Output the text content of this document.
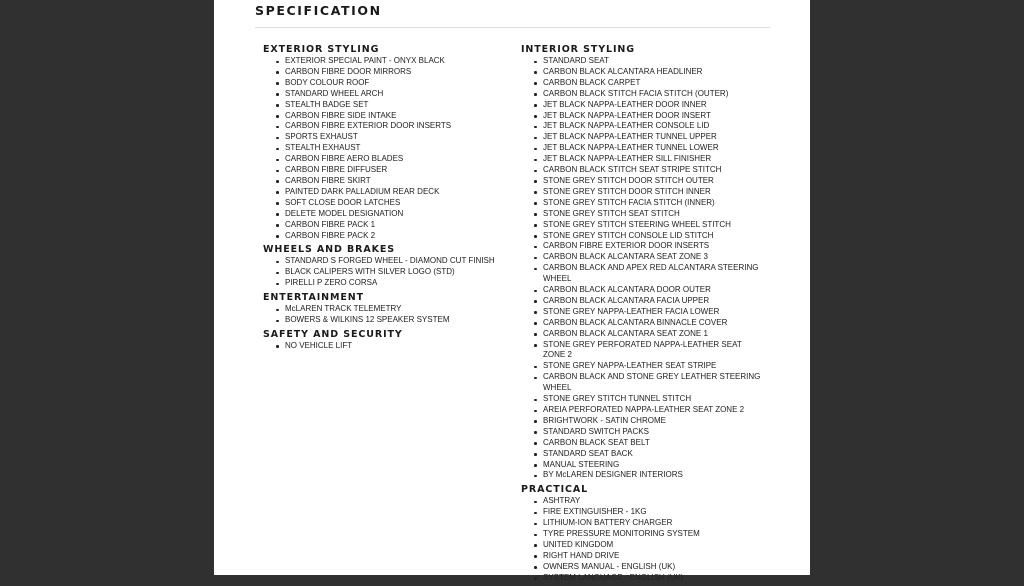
SPECIFICATION
EXTERIOR STYLING
EXTERIOR SPECIAL PAINT - ONYX BLACK
CARBON FIBRE DOOR MIRRORS
BODY COLOUR ROOF
STANDARD WHEEL ARCH
STEALTH BADGE SET
CARBON FIBRE SIDE INTAKE
CARBON FIBRE EXTERIOR DOOR INSERTS
SPORTS EXHAUST
STEALTH EXHAUST
CARBON FIBRE AERO BLADES
CARBON FIBRE DIFFUSER
CARBON FIBRE SKIRT
PAINTED DARK PALLADIUM REAR DECK
SOFT CLOSE DOOR LATCHES
DELETE MODEL DESIGNATION
CARBON FIBRE PACK 1
CARBON FIBRE PACK 2
WHEELS AND BRAKES
STANDARD S FORGED WHEEL - DIAMOND CUT FINISH
BLACK CALIPERS WITH SILVER LOGO (STD)
PIRELLI P ZERO CORSA
ENTERTAINMENT
McLAREN TRACK TELEMETRY
BOWERS & WILKINS 12 SPEAKER SYSTEM
SAFETY AND SECURITY
NO VEHICLE LIFT
INTERIOR STYLING
STANDARD SEAT
CARBON BLACK ALCANTARA HEADLINER
CARBON BLACK CARPET
CARBON BLACK STITCH FACIA STITCH (OUTER)
JET BLACK NAPPA-LEATHER DOOR INNER
JET BLACK NAPPA-LEATHER DOOR INSERT
JET BLACK NAPPA-LEATHER CONSOLE LID
JET BLACK NAPPA-LEATHER TUNNEL UPPER
JET BLACK NAPPA-LEATHER TUNNEL LOWER
JET BLACK NAPPA-LEATHER SILL FINISHER
CARBON BLACK STITCH SEAT STRIPE STITCH
STONE GREY STITCH DOOR STITCH OUTER
STONE GREY STITCH DOOR STITCH INNER
STONE GREY STITCH FACIA STITCH (INNER)
STONE GREY STITCH SEAT STITCH
STONE GREY STITCH STEERING WHEEL STITCH
STONE GREY STITCH CONSOLE LID STITCH
CARBON FIBRE EXTERIOR DOOR INSERTS
CARBON BLACK ALCANTARA SEAT ZONE 3
CARBON BLACK AND APEX RED ALCANTARA STEERING WHEEL
CARBON BLACK ALCANTARA DOOR OUTER
CARBON BLACK ALCANTARA FACIA UPPER
STONE GREY NAPPA-LEATHER FACIA LOWER
CARBON BLACK ALCANTARA BINNACLE COVER
CARBON BLACK ALCANTARA SEAT ZONE 1
STONE GREY PERFORATED NAPPA-LEATHER SEAT ZONE 2
STONE GREY NAPPA-LEATHER SEAT STRIPE
CARBON BLACK AND STONE GREY LEATHER STEERING WHEEL
STONE GREY STITCH TUNNEL STITCH
AREIA PERFORATED NAPPA-LEATHER SEAT ZONE 2
BRIGHTWORK - SATIN CHROME
STANDARD SWITCH PACKS
CARBON BLACK SEAT BELT
STANDARD SEAT BACK
MANUAL STEERING
BY McLAREN DESIGNER INTERIORS
PRACTICAL
ASHTRAY
FIRE EXTINGUISHER - 1KG
LITHIUM-ION BATTERY CHARGER
TYRE PRESSURE MONITORING SYSTEM
UNITED KINGDOM
RIGHT HAND DRIVE
OWNERS MANUAL - ENGLISH (UK)
SYSTEM LANGUAGE - ENGLISH (UK)
